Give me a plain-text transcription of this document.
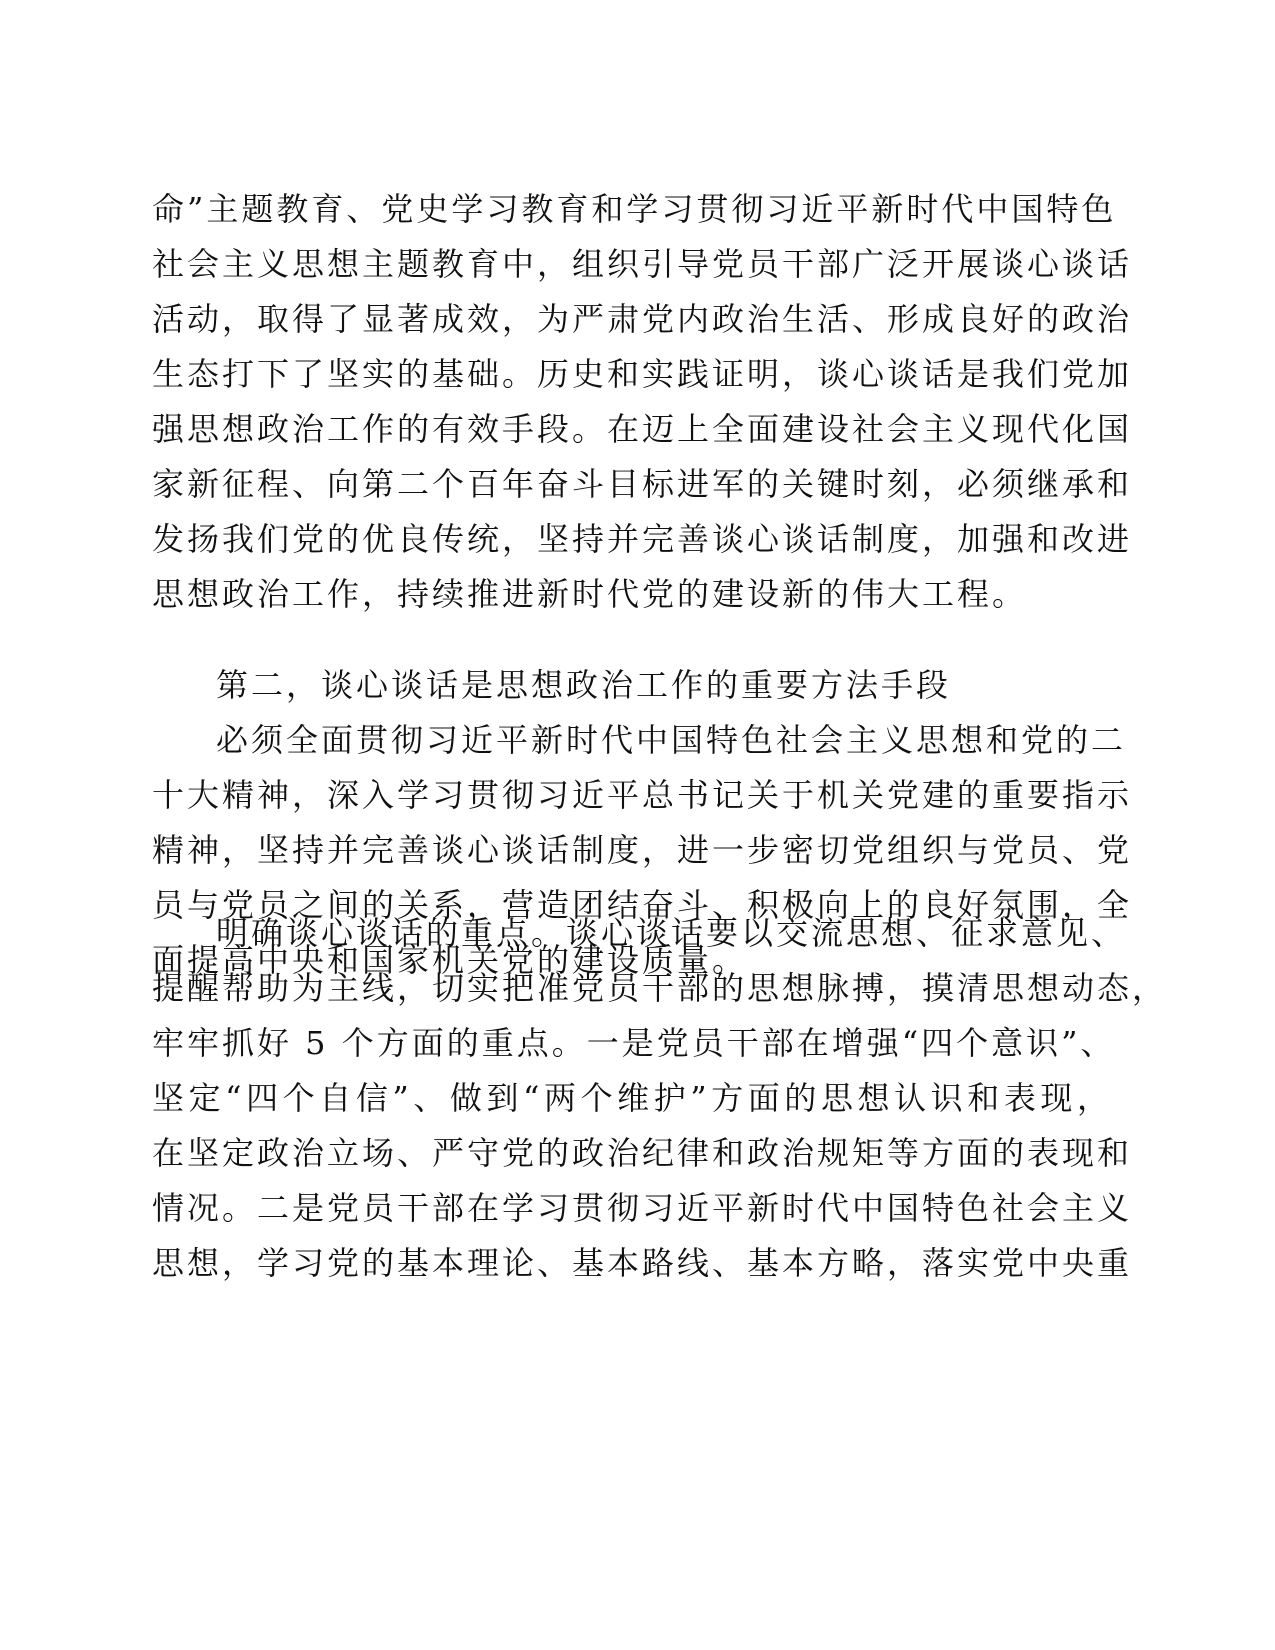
命”主题教育、党史学习教育和学习贯彻习近平新时代中国特色
社会主义思想主题教育中，组织引导党员干部广泛开展谈心谈话
活动，取得了显著成效，为严肃党内政治生活、形成良好的政治
生态打下了坚实的基础。历史和实践证明，谈心谈话是我们党加
强思想政治工作的有效手段。在迈上全面建设社会主义现代化国
家新征程、向第二个百年奋斗目标进军的关键时刻，必须继承和
发扬我们党的优良传统，坚持并完善谈心谈话制度，加强和改进
思想政治工作，持续推进新时代党的建设新的伟大工程。
第二，谈心谈话是思想政治工作的重要方法手段
必须全面贯彻习近平新时代中国特色社会主义思想和党的二
十大精神，深入学习贯彻习近平总书记关于机关党建的重要指示
精神，坚持并完善谈心谈话制度，进一步密切党组织与党员、党
员与党员之间的关系，营造团结奋斗、积极向上的良好氛围，全
面提高中央和国家机关党的建设质量。
明确谈心谈话的重点。谈心谈话要以交流思想、征求意见、
提醒帮助为主线，切实把准党员干部的思想脉搏，摸清思想动态，
牢牢抓好 5 个方面的重点。一是党员干部在增强“四个意识”、
坚定“四个自信”、做到“两个维护”方面的思想认识和表现，
在坚定政治立场、严守党的政治纪律和政治规矩等方面的表现和
情况。二是党员干部在学习贯彻习近平新时代中国特色社会主义
思想，学习党的基本理论、基本路线、基本方略，落实党中央重
